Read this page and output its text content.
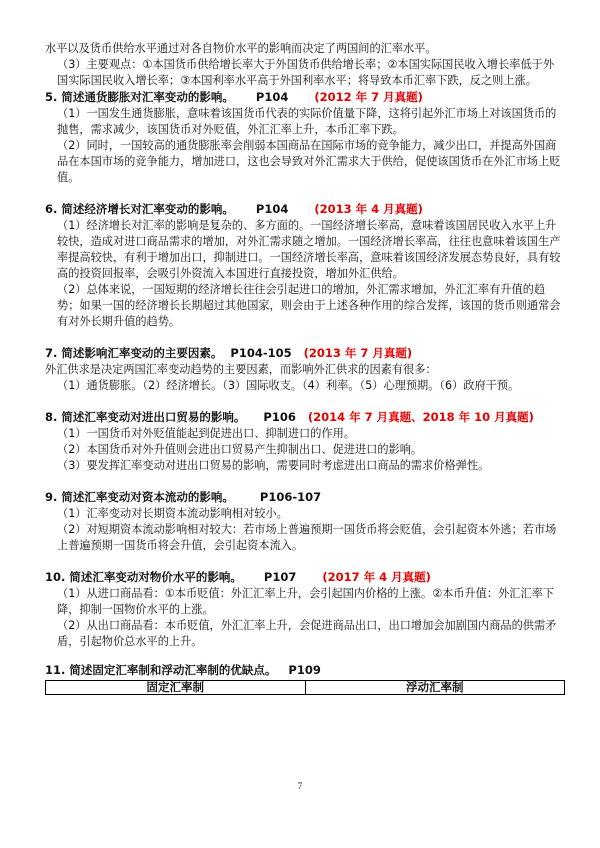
水平以及货币供给水平通过对各自物价水平的影响而决定了两国间的汇率水平。

（3）主要观点：①本国货币供给增长率大于外国货币供给增长率；②本国实际国民收入增长率低于外国实际国民收入增长率；③本国利率水平高于外国利率水平；将导致本币汇率下跌，反之则上涨。

5. 简述通货膨胀对汇率变动的影响。 P104 (2012 年 7 月真题)

（1）一国发生通货膨胀，意味着该国货币代表的实际价值量下降，这将引起外汇市场上对该国货币的抛售，需求减少，该国货币对外贬值，外汇汇率上升，本币汇率下跌。

（2）同时，一国较高的通货膨胀率会削弱本国商品在国际市场的竞争能力，减少出口，并提高外国商品在本国市场的竞争能力，增加进口，这也会导致对外汇需求大于供给，促使该国货币在外汇市场上贬值。

6. 简述经济增长对汇率变动的影响。 P104 (2013 年 4 月真题)

（1）经济增长对汇率的影响是复杂的、多方面的。一国经济增长率高，意味着该国居民收入水平上升较快，造成对进口商品需求的增加，对外汇需求随之增加。一国经济增长率高，往往也意味着该国生产率提高较快，有利于增加出口，抑制进口。一国经济增长率高，意味着该国经济发展态势良好，具有较高的投资回报率，会吸引外资流入本国进行直接投资，增加外汇供给。

（2）总体来说，一国短期的经济增长往往会引起进口的增加，外汇需求增加，外汇汇率有升值的趋势；如果一国的经济增长长期超过其他国家，则会由于上述各种作用的综合发挥，该国的货币则通常会有对外长期升值的趋势。

7. 简述影响汇率变动的主要因素。 P104-105 (2013 年 7 月真题)

外汇供求是决定两国汇率变动趋势的主要因素，而影响外汇供求的因素有很多：

（1）通货膨胀。（2）经济增长。（3）国际收支。（4）利率。（5）心理预期。（6）政府干预。

8. 简述汇率变动对进出口贸易的影响。 P106 (2014 年 7 月真题、2018 年 10 月真题)

（1）一国货币对外贬值能起到促进出口、抑制进口的作用。

（2）本国货币对外升值则会进出口贸易产生抑制出口、促进进口的影响。

（3）要发挥汇率变动对进出口贸易的影响，需要同时考虑进出口商品的需求价格弹性。

9. 简述汇率变动对资本流动的影响。 P106-107

（1）汇率变动对长期资本流动影响相对较小。

（2）对短期资本流动影响相对较大：若市场上普遍预期一国货币将会贬值，会引起资本外逃；若市场上普遍预期一国货币将会升值，会引起资本流入。

10. 简述汇率变动对物价水平的影响。 P107 (2017 年 4 月真题)

（1）从进口商品看：①本币贬值：外汇汇率上升，会引起国内价格的上涨。②本币升值：外汇汇率下降，抑制一国物价水平的上涨。

（2）从出口商品看：本币贬值，外汇汇率上升，会促进商品出口，出口增加会加剧国内商品的供需矛盾，引起物价总水平的上升。

11. 简述固定汇率制和浮动汇率制的优缺点。 P109

固定汇率制	浮动汇率制
7
